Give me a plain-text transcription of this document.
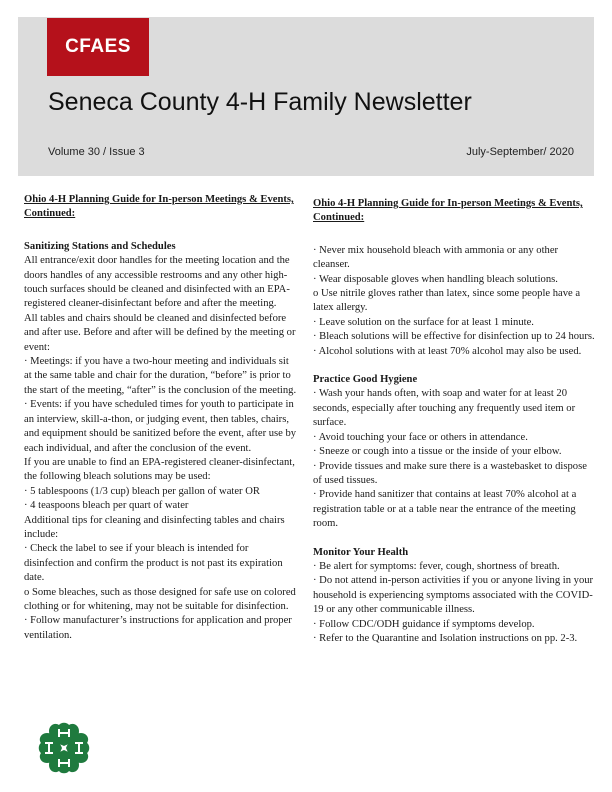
CFAES
Seneca County 4-H Family Newsletter
Volume 30 / Issue 3	July-September/ 2020
Ohio 4-H Planning Guide for In-person Meetings & Events, Continued:
Sanitizing Stations and Schedules
All entrance/exit door handles for the meeting location and the doors handles of any accessible restrooms and any other high-touch surfaces should be cleaned and disinfected with an EPA-registered cleaner-disinfectant before and after the meeting.
All tables and chairs should be cleaned and disinfected before and after use. Before and after will be defined by the meeting or event:
· Meetings: if you have a two-hour meeting and individuals sit at the same table and chair for the duration, “before” is prior to the start of the meeting, “after” is the conclusion of the meeting.
· Events: if you have scheduled times for youth to participate in an interview, skill-a-thon, or judging event, then tables, chairs, and equipment should be sanitized before the event, after use by each individual, and after the conclusion of the event.
If you are unable to find an EPA-registered cleaner-disinfectant, the following bleach solutions may be used:
· 5 tablespoons (1/3 cup) bleach per gallon of water OR
· 4 teaspoons bleach per quart of water
Additional tips for cleaning and disinfecting tables and chairs include:
· Check the label to see if your bleach is intended for disinfection and confirm the product is not past its expiration date.
o Some bleaches, such as those designed for safe use on colored clothing or for whitening, may not be suitable for disinfection.
· Follow manufacturer’s instructions for application and proper ventilation.
Ohio 4-H Planning Guide for In-person Meetings & Events, Continued:
· Never mix household bleach with ammonia or any other cleanser.
· Wear disposable gloves when handling bleach solutions.
o Use nitrile gloves rather than latex, since some people have a latex allergy.
· Leave solution on the surface for at least 1 minute.
· Bleach solutions will be effective for disinfection up to 24 hours.
· Alcohol solutions with at least 70% alcohol may also be used.
Practice Good Hygiene
· Wash your hands often, with soap and water for at least 20 seconds, especially after touching any frequently used item or surface.
· Avoid touching your face or others in attendance.
· Sneeze or cough into a tissue or the inside of your elbow.
· Provide tissues and make sure there is a wastebasket to dispose of used tissues.
· Provide hand sanitizer that contains at least 70% alcohol at a registration table or at a table near the entrance of the meeting room.
Monitor Your Health
· Be alert for symptoms: fever, cough, shortness of breath.
· Do not attend in-person activities if you or anyone living in your household is experiencing symptoms associated with the COVID-19 or any other communicable illness.
· Follow CDC/ODH guidance if symptoms develop.
· Refer to the Quarantine and Isolation instructions on pp. 2-3.
